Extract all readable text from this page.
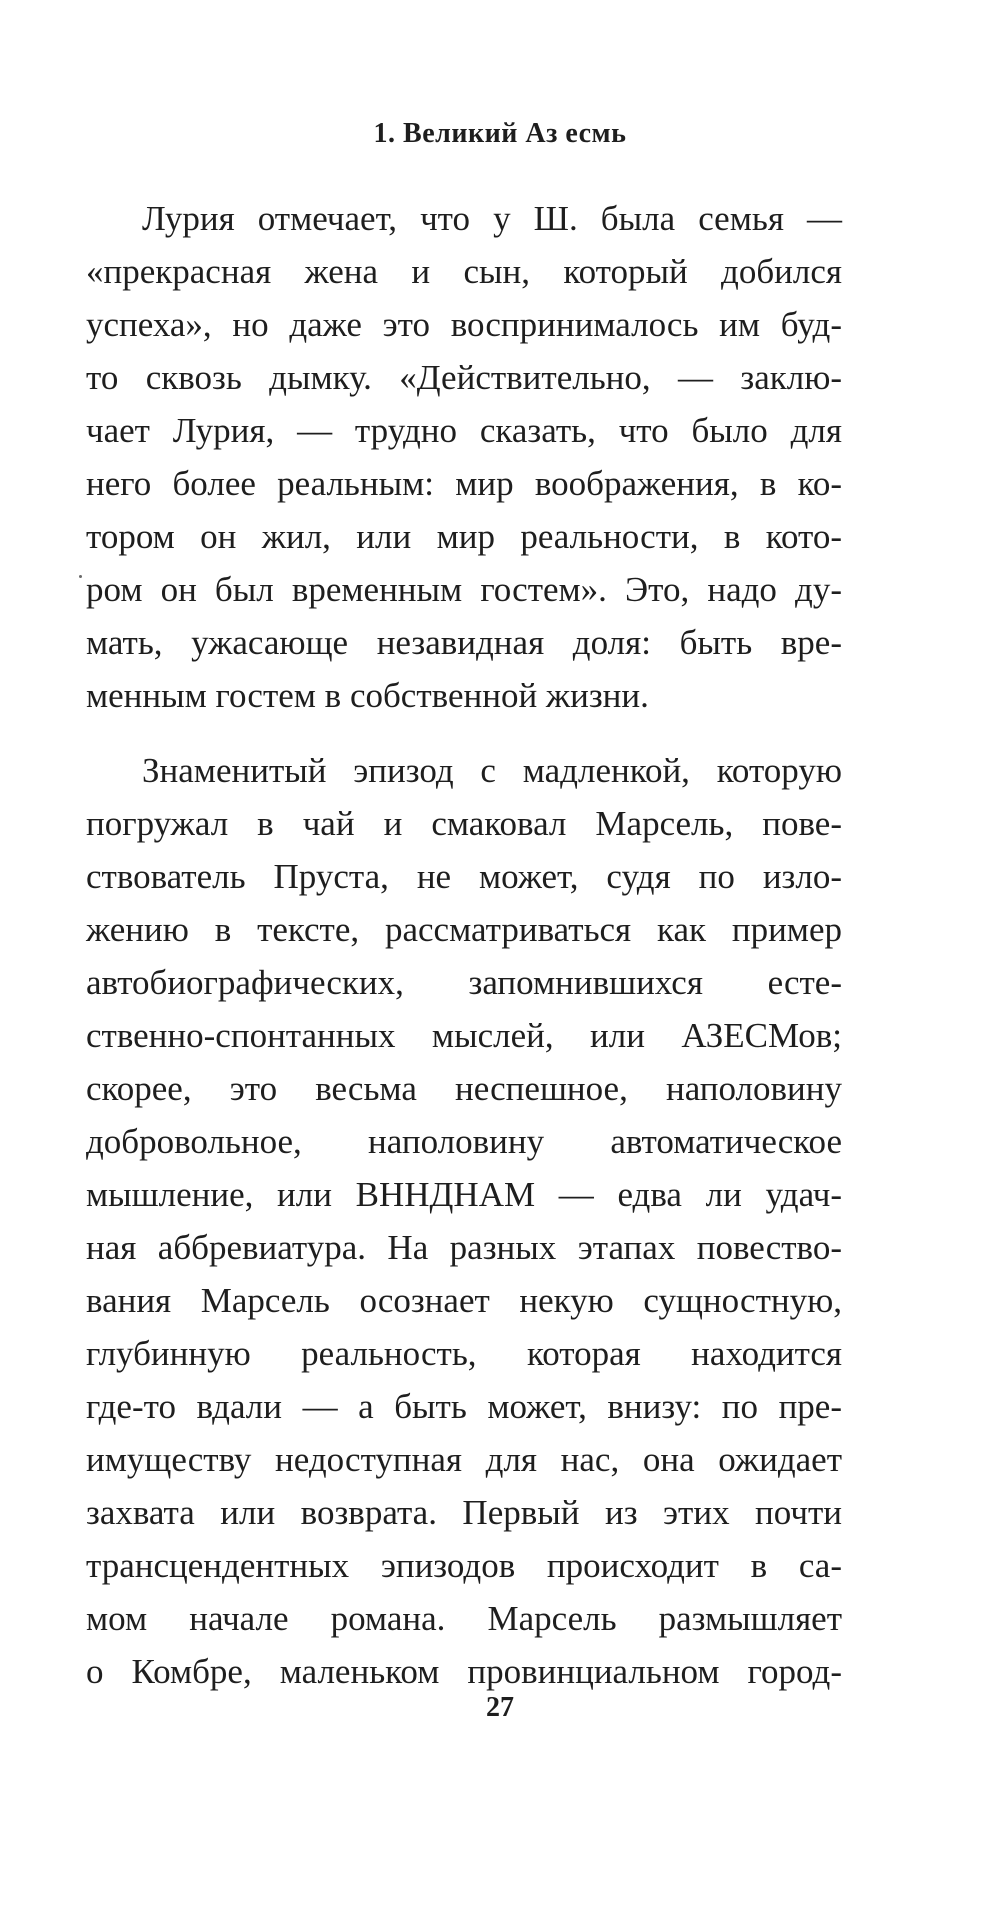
1. Великий Аз есмь
Лурия отмечает, что у Ш. была семья —
«прекрасная жена и сын, который добился
успеха», но даже это воспринималось им буд-
то сквозь дымку. «Действительно, — заклю-
чает Лурия, — трудно сказать, что было для
него более реальным: мир воображения, в ко-
тором он жил, или мир реальности, в кото-
ром он был временным гостем». Это, надо ду-
мать, ужасающе незавидная доля: быть вре-
менным гостем в собственной жизни.
Знаменитый эпизод с мадленкой, которую
погружал в чай и смаковал Марсель, пове-
ствователь Пруста, не может, судя по изло-
жению в тексте, рассматриваться как пример
автобиографических, запомнившихся есте-
ственно-спонтанных мыслей, или АЗЕСМов;
скорее, это весьма неспешное, наполовину
добровольное, наполовину автоматическое
мышление, или ВННДНАМ — едва ли удач-
ная аббревиатура. На разных этапах повество-
вания Марсель осознает некую сущностную,
глубинную реальность, которая находится
где-то вдали — а быть может, внизу: по пре-
имуществу недоступная для нас, она ожидает
захвата или возврата. Первый из этих почти
трансцендентных эпизодов происходит в са-
мом начале романа. Марсель размышляет
о Комбре, маленьком провинциальном город-
27
